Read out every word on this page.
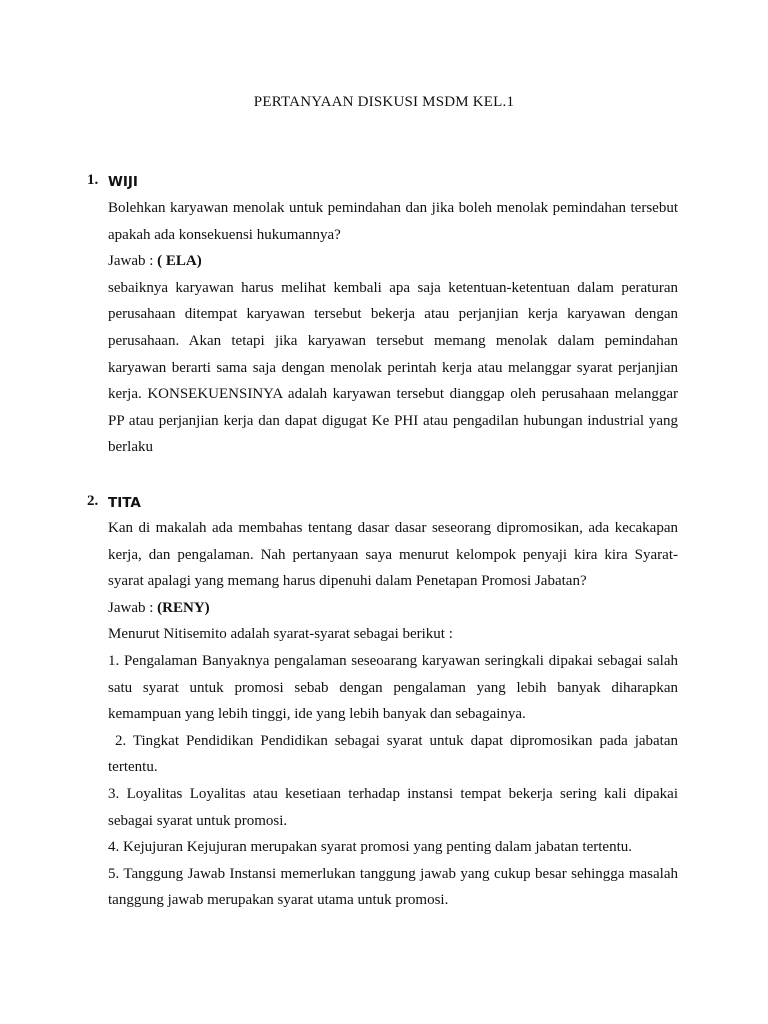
PERTANYAAN DISKUSI MSDM KEL.1
1. WIJI

Bolehkan karyawan menolak untuk pemindahan dan jika boleh menolak pemindahan tersebut apakah ada konsekuensi hukumannya?

Jawab : ( ELA)

sebaiknya karyawan harus melihat kembali apa saja ketentuan-ketentuan dalam peraturan perusahaan ditempat karyawan tersebut bekerja atau perjanjian kerja karyawan dengan perusahaan. Akan tetapi jika karyawan tersebut memang menolak dalam pemindahan karyawan berarti sama saja dengan menolak perintah kerja atau melanggar syarat perjanjian kerja. KONSEKUENSINYA adalah karyawan tersebut dianggap oleh perusahaan melanggar PP atau perjanjian kerja dan dapat digugat Ke PHI atau pengadilan hubungan industrial yang berlaku

2. TITA

Kan di makalah ada membahas tentang dasar dasar seseorang dipromosikan, ada kecakapan kerja, dan pengalaman. Nah pertanyaan saya menurut kelompok penyaji kira kira Syarat-syarat apalagi yang memang harus dipenuhi dalam Penetapan Promosi Jabatan?

Jawab : (RENY)

Menurut Nitisemito adalah syarat-syarat sebagai berikut :

1. Pengalaman Banyaknya pengalaman seseoarang karyawan seringkali dipakai sebagai salah satu syarat untuk promosi sebab dengan pengalaman yang lebih banyak diharapkan kemampuan yang lebih tinggi, ide yang lebih banyak dan sebagainya.

2. Tingkat Pendidikan Pendidikan sebagai syarat untuk dapat dipromosikan pada jabatan tertentu.

3. Loyalitas Loyalitas atau kesetiaan terhadap instansi tempat bekerja sering kali dipakai sebagai syarat untuk promosi.

4. Kejujuran Kejujuran merupakan syarat promosi yang penting dalam jabatan tertentu.

5. Tanggung Jawab Instansi memerlukan tanggung jawab yang cukup besar sehingga masalah tanggung jawab merupakan syarat utama untuk promosi.
